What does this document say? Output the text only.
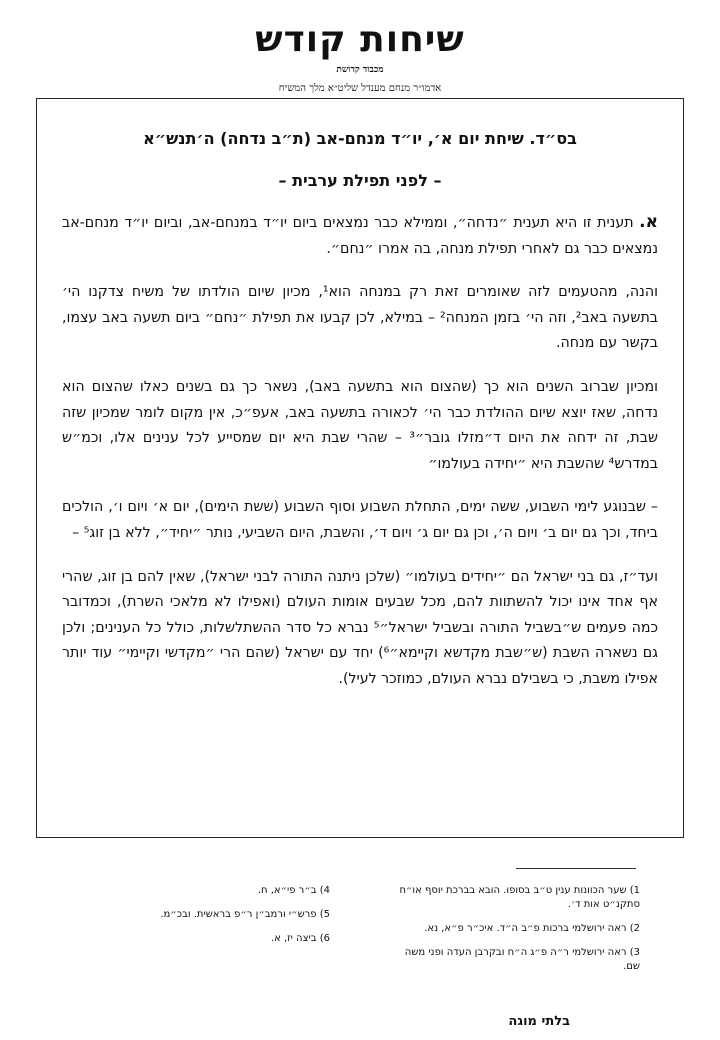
שיחות קודש
מכבוד קדושת
אדמו״ר מנחם מענדל שליט״א מלך המשיח

בס״ד. שיחת יום א׳, יו״ד מנחם-אב (ת״ב נדחה) ה׳תנש״א

– לפני תפילת ערבית –

א. תענית זו היא תענית ״נדחה״, וממילא כבר נמצאים ביום יו״ד במנחם-אב, וביום יו״ד מנחם-אב נמצאים כבר גם לאחרי תפילת מנחה, בה אמרו ״נחם״.

והנה, מהטעמים לזה שאומרים זאת רק במנחה הוא¹, מכיון שיום הולדתו של משיח צדקנו הי׳ בתשעה באב², וזה הי׳ בזמן המנחה² – במילא, לכן קבעו את תפילת ״נחם״ ביום תשעה באב עצמו, בקשר עם מנחה.

ומכיון שברוב השנים הוא כך (שהצום הוא בתשעה באב), נשאר כך גם בשנים כאלו שהצום הוא נדחה, שאז יוצא שיום ההולדת כבר הי׳ לכאורה בתשעה באב, אעפ״כ, אין מקום לומר שמכיון שזה שבת, זה ידחה את היום ד״מזלו גובר״³ – שהרי שבת היא יום שמסייע לכל ענינים אלו, וכמ״ש במדרש⁴ שהשבת היא ״יחידה בעולמו״

– שבנוגע לימי השבוע, ששה ימים, התחלת השבוע וסוף השבוע (ששת הימים), יום א׳ ויום ו׳, הולכים ביחד, וכך גם יום ב׳ ויום ה׳, וכן גם יום ג׳ ויום ד׳, והשבת, היום השביעי, נותר ״יחיד״, ללא בן זוג⁵ –

ועד״ז, גם בני ישראל הם ״יחידים בעולמו״ (שלכן ניתנה התורה לבני ישראל), שאין להם בן זוג, שהרי אף אחד אינו יכול להשתוות להם, מכל שבעים אומות העולם (ואפילו לא מלאכי השרת), וכמדובר כמה פעמים ש״בשביל התורה ובשביל ישראל״⁵ נברא כל סדר ההשתלשלות, כולל כל הענינים; ולכן גם נשארה השבת (ש״שבת מקדשא וקיימא״⁶) יחד עם ישראל (שהם הרי ״מקדשי וקיימי״ עוד יותר אפילו משבת, כי בשבילם נברא העולם, כמוזכר לעיל).

1) שער הכוונות ענין ט״ב בסופו. הובא בברכת יוסף או״ח סתקנ״ט אות ד׳.

2) ראה ירושלמי ברכות פ״ב ה״ד. איכ״ר פ״א, נא.

3) ראה ירושלמי ר״ה פ״ג ה״ח ובקרבן העדה ופני משה שם.

4) ב״ר פי״א, ח.

5) פרש״י ורמב״ן ר״פ בראשית. ובכ״מ.

6) ביצה יז, א.

בלתי מוגה
